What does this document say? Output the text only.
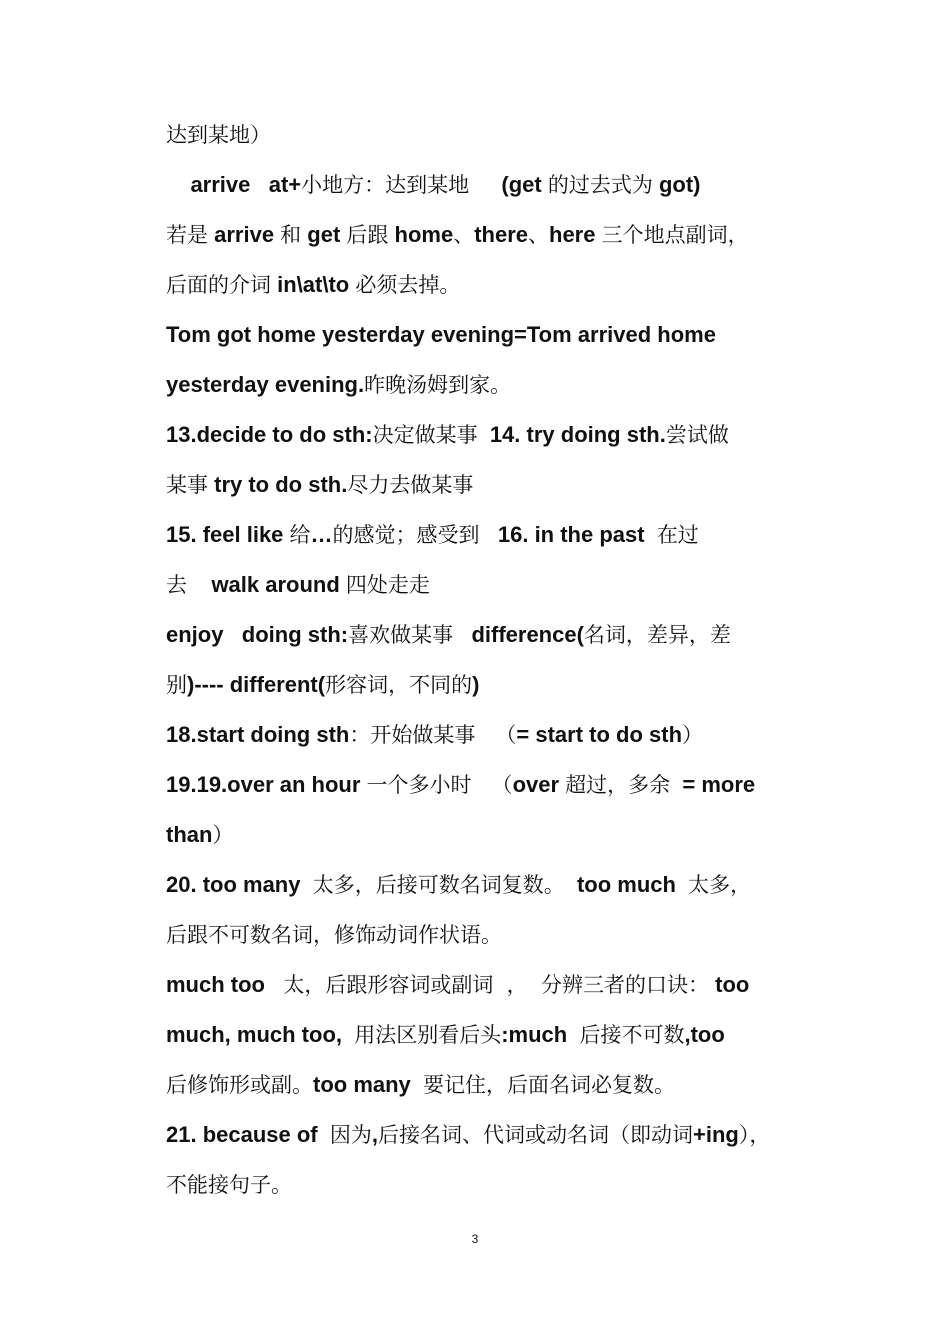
达到某地）
arrive   at+小地方：达到某地     (get 的过去式为 got)
若是 arrive 和 get 后跟 home、there、here 三个地点副词，
后面的介词 in\at\to 必须去掉。
Tom got home yesterday evening=Tom arrived home
yesterday evening.昨晚汤姆到家。
13.decide to do sth:决定做某事  14. try doing sth.尝试做
某事 try to do sth.尽力去做某事
15. feel like 给…的感觉；感受到   16. in the past  在过
去    walk around 四处走走
enjoy   doing sth:喜欢做某事   difference(名词，差异，差
别)---- different(形容词，不同的)
18.start doing sth：开始做某事   （= start to do sth）
19.19.over an hour 一个多小时   （over 超过，多余  = more
than）
20. too many  太多，后接可数名词复数。  too much  太多，
后跟不可数名词，修饰动词作状语。
much too   太，后跟形容词或副词  ，  分辨三者的口诀： too
much, much too,  用法区别看后头:much  后接不可数,too
后修饰形或副。too many  要记住，后面名词必复数。
21. because of  因为,后接名词、代词或动名词（即动词+ing），
不能接句子。
3
